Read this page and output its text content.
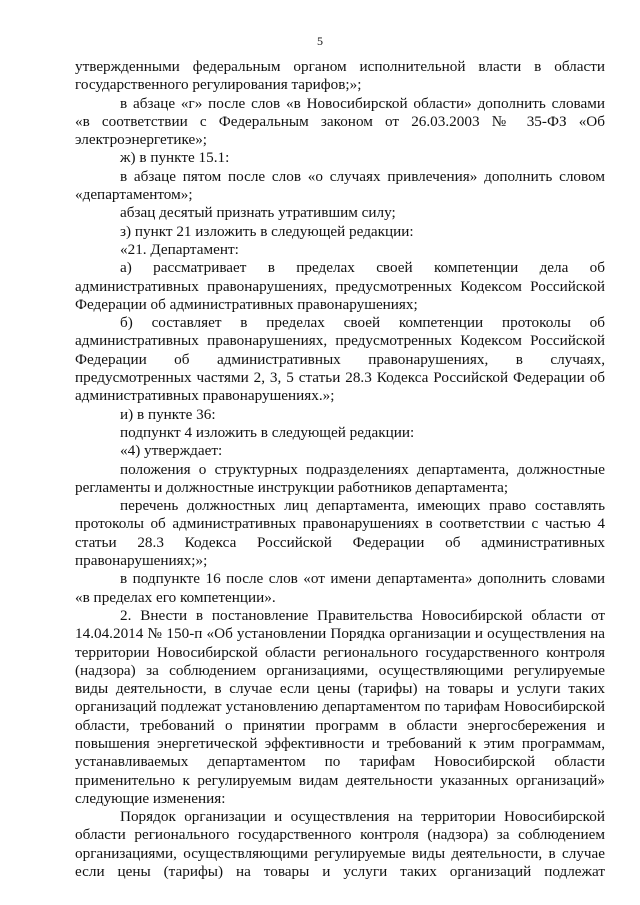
5

утвержденными федеральным органом исполнительной власти в области государственного регулирования тарифов;»;

в абзаце «г» после слов «в Новосибирской области» дополнить словами «в соответствии с Федеральным законом от 26.03.2003 № 35-ФЗ «Об электроэнергетике»;

ж) в пункте 15.1:

в абзаце пятом после слов «о случаях привлечения» дополнить словом «департаментом»;

абзац десятый признать утратившим силу;

з) пункт 21 изложить в следующей редакции:

«21. Департамент:

а) рассматривает в пределах своей компетенции дела об административных правонарушениях, предусмотренных Кодексом Российской Федерации об административных правонарушениях;

б) составляет в пределах своей компетенции протоколы об административных правонарушениях, предусмотренных Кодексом Российской Федерации об административных правонарушениях, в случаях, предусмотренных частями 2, 3, 5 статьи 28.3 Кодекса Российской Федерации об административных правонарушениях.»;

и) в пункте 36:

подпункт 4 изложить в следующей редакции:

«4) утверждает:

положения о структурных подразделениях департамента, должностные регламенты и должностные инструкции работников департамента;

перечень должностных лиц департамента, имеющих право составлять протоколы об административных правонарушениях в соответствии с частью 4 статьи 28.3 Кодекса Российской Федерации об административных правонарушениях;»;

в подпункте 16 после слов «от имени департамента» дополнить словами «в пределах его компетенции».

2. Внести в постановление Правительства Новосибирской области от 14.04.2014 № 150-п «Об установлении Порядка организации и осуществления на территории Новосибирской области регионального государственного контроля (надзора) за соблюдением организациями, осуществляющими регулируемые виды деятельности, в случае если цены (тарифы) на товары и услуги таких организаций подлежат установлению департаментом по тарифам Новосибирской области, требований о принятии программ в области энергосбережения и повышения энергетической эффективности и требований к этим программам, устанавливаемых департаментом по тарифам Новосибирской области применительно к регулируемым видам деятельности указанных организаций» следующие изменения:

Порядок организации и осуществления на территории Новосибирской области регионального государственного контроля (надзора) за соблюдением организациями, осуществляющими регулируемые виды деятельности, в случае если цены (тарифы) на товары и услуги таких организаций подлежат
